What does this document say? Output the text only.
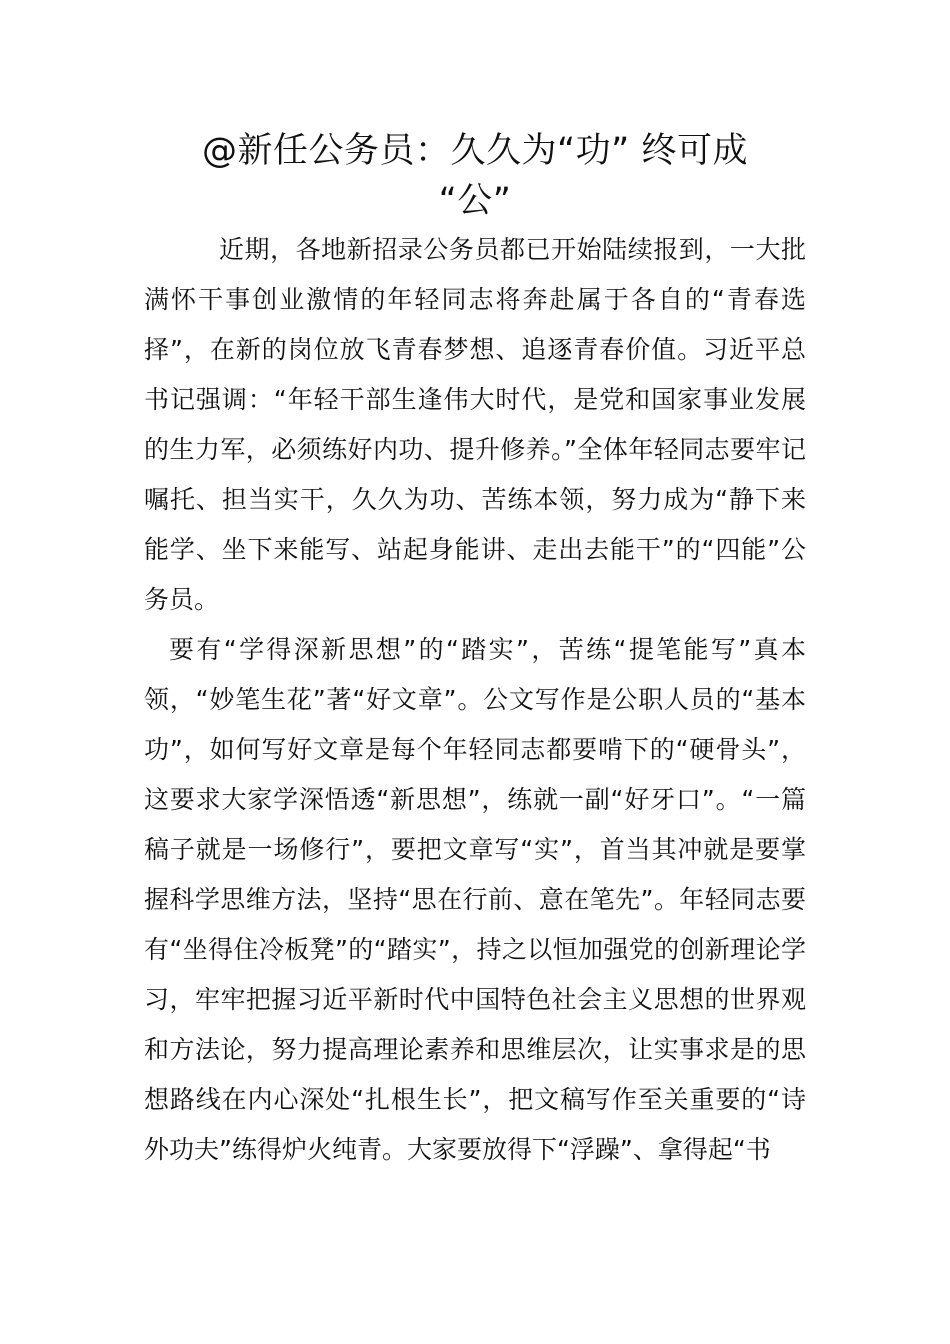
@新任公务员：久久为“功” 终可成
“公”

近期，各地新招录公务员都已开始陆续报到，一大批满怀干事创业激情的年轻同志将奔赴属于各自的“青春选择”，在新的岗位放飞青春梦想、追逐青春价值。习近平总书记强调：“年轻干部生逢伟大时代，是党和国家事业发展的生力军，必须练好内功、提升修养。”全体年轻同志要牢记嘱托、担当实干，久久为功、苦练本领，努力成为“静下来能学、坐下来能写、站起身能讲、走出去能干”的“四能”公务员。

要有“学得深新思想”的“踏实”，苦练“提笔能写”真本领，“妙笔生花”著“好文章”。公文写作是公职人员的“基本功”，如何写好文章是每个年轻同志都要啃下的“硬骨头”，这要求大家学深悟透“新思想”，练就一副“好牙口”。“一篇稿子就是一场修行”，要把文章写“实”，首当其冲就是要掌握科学思维方法，坚持“思在行前、意在笔先”。年轻同志要有“坐得住冷板凳”的“踏实”，持之以恒加强党的创新理论学习，牢牢把握习近平新时代中国特色社会主义思想的世界观和方法论，努力提高理论素养和思维层次，让实事求是的思想路线在内心深处“扎根生长”，把文稿写作至关重要的“诗外功夫”练得炉火纯青。大家要放得下“浮躁”、拿得起“书
